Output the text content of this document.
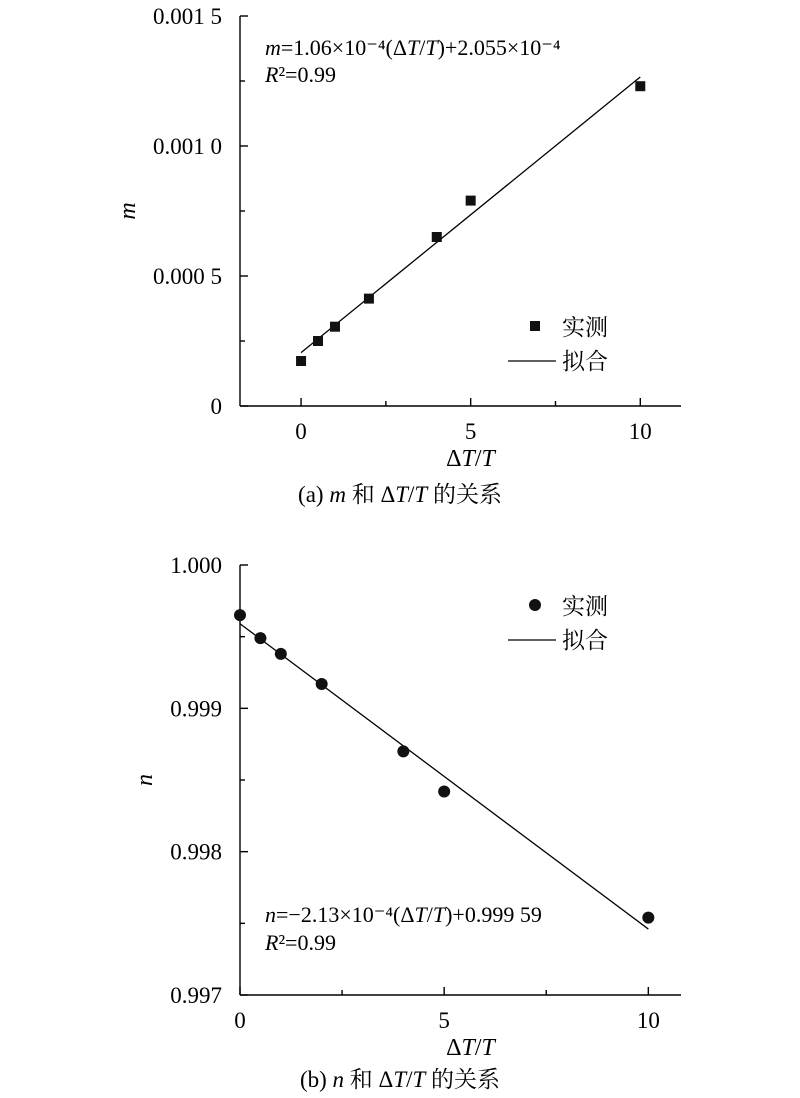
0
0.000 5
0.001 0
0.001 5
0	5	10
ΔT/T
m
实测
拟合
m=1.06×10⁻⁴(ΔT/T)+2.055×10⁻⁴
R²=0.99
(a) m 和 ΔT/T 的关系
0.997
0.998
0.999
1.000
0	5	10
ΔT/T
n
实测
拟合
n=−2.13×10⁻⁴(ΔT/T)+0.999 59
R²=0.99
(b) n 和 ΔT/T 的关系
